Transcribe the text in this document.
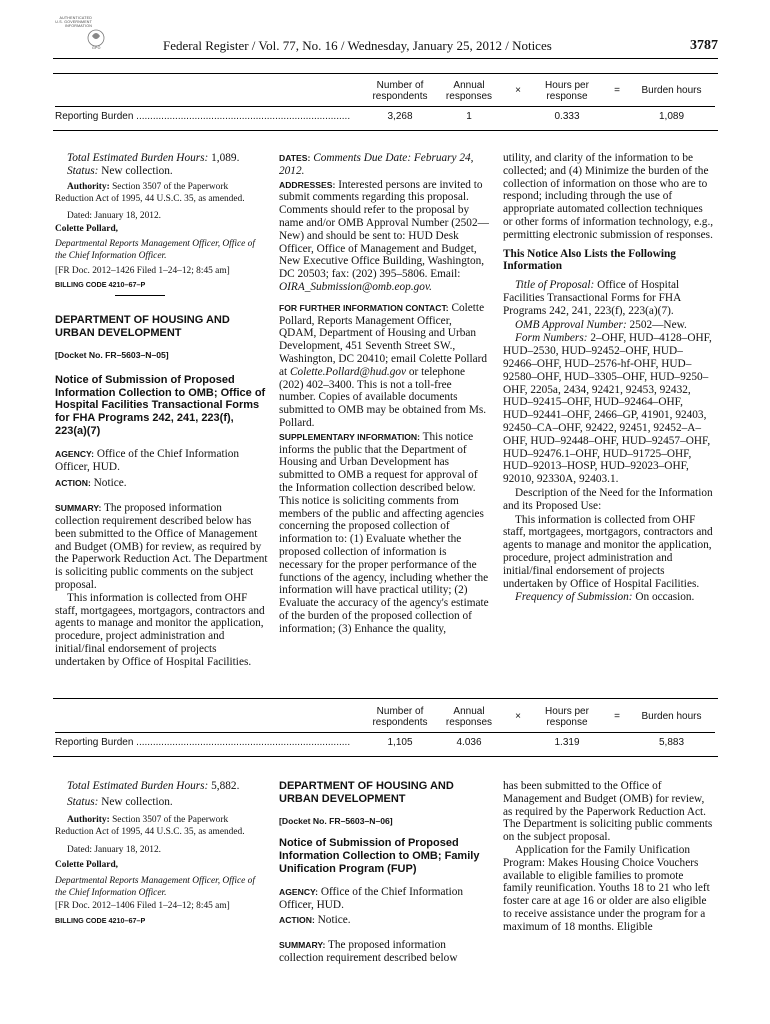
AUTHENTICATED
U.S. GOVERNMENT
INFORMATION
GPO	Federal Register / Vol. 77, No. 16 / Wednesday, January 25, 2012 / Notices	3787
	Number of respondents	Annual responses	×	Hours per response	=	Burden hours
Reporting Burden .............................................................................	3,268	1		0.333		1,089

Total Estimated Burden Hours: 1,089.

Status: New collection.

Authority: Section 3507 of the Paperwork Reduction Act of 1995, 44 U.S.C. 35, as amended.

Dated: January 18, 2012.

Colette Pollard,

Departmental Reports Management Officer, Office of the Chief Information Officer.

[FR Doc. 2012–1426 Filed 1–24–12; 8:45 am]

BILLING CODE 4210–67–P

DEPARTMENT OF HOUSING AND URBAN DEVELOPMENT

[Docket No. FR–5603–N–05]

Notice of Submission of Proposed Information Collection to OMB; Office of Hospital Facilities Transactional Forms for FHA Programs 242, 241, 223(f), 223(a)(7)

AGENCY: Office of the Chief Information Officer, HUD.

ACTION: Notice.

SUMMARY: The proposed information collection requirement described below has been submitted to the Office of Management and Budget (OMB) for review, as required by the Paperwork Reduction Act. The Department is soliciting public comments on the subject proposal.

This information is collected from OHF staff, mortgagees, mortgagors, contractors and agents to manage and monitor the application, procedure, project administration and initial/final endorsement of projects undertaken by Office of Hospital Facilities.

DATES: Comments Due Date: February 24, 2012.

ADDRESSES: Interested persons are invited to submit comments regarding this proposal. Comments should refer to the proposal by name and/or OMB Approval Number (2502—New) and should be sent to: HUD Desk Officer, Office of Management and Budget, New Executive Office Building, Washington, DC 20503; fax: (202) 395–5806. Email: OIRA_Submission@omb.eop.gov.

FOR FURTHER INFORMATION CONTACT: Colette Pollard, Reports Management Officer, QDAM, Department of Housing and Urban Development, 451 Seventh Street SW., Washington, DC 20410; email Colette Pollard at Colette.Pollard@hud.gov or telephone (202) 402–3400. This is not a toll-free number. Copies of available documents submitted to OMB may be obtained from Ms. Pollard.

SUPPLEMENTARY INFORMATION: This notice informs the public that the Department of Housing and Urban Development has submitted to OMB a request for approval of the Information collection described below. This notice is soliciting comments from members of the public and affecting agencies concerning the proposed collection of information to: (1) Evaluate whether the proposed collection of information is necessary for the proper performance of the functions of the agency, including whether the information will have practical utility; (2) Evaluate the accuracy of the agency's estimate of the burden of the proposed collection of information; (3) Enhance the quality,

utility, and clarity of the information to be collected; and (4) Minimize the burden of the collection of information on those who are to respond; including through the use of appropriate automated collection techniques or other forms of information technology, e.g., permitting electronic submission of responses.

This Notice Also Lists the Following Information

Title of Proposal: Office of Hospital Facilities Transactional Forms for FHA Programs 242, 241, 223(f), 223(a)(7).

OMB Approval Number: 2502—New.

Form Numbers: 2–OHF, HUD–4128–OHF, HUD–2530, HUD–92452–OHF, HUD–92466–OHF, HUD–2576-hf-OHF, HUD–92580–OHF, HUD–3305–OHF, HUD–9250–OHF, 2205a, 2434, 92421, 92453, 92432, HUD–92415–OHF, HUD–92464–OHF, HUD–92441–OHF, 2466–GP, 41901, 92403, 92450–CA–OHF, 92422, 92451, 92452–A–OHF, HUD–92448–OHF, HUD–92457–OHF, HUD–92476.1–OHF, HUD–91725–OHF, HUD–92013–HOSP, HUD–92023–OHF, 92010, 92330A, 92403.1.

Description of the Need for the Information and its Proposed Use:

This information is collected from OHF staff, mortgagees, mortgagors, contractors and agents to manage and monitor the application, procedure, project administration and initial/final endorsement of projects undertaken by Office of Hospital Facilities.

Frequency of Submission: On occasion.

	Number of respondents	Annual responses	×	Hours per response	=	Burden hours
Reporting Burden .............................................................................	1,105	4.036		1.319		5,883

Total Estimated Burden Hours: 5,882.

Status: New collection.

Authority: Section 3507 of the Paperwork Reduction Act of 1995, 44 U.S.C. 35, as amended.

Dated: January 18, 2012.

Colette Pollard,

Departmental Reports Management Officer, Office of the Chief Information Officer.

[FR Doc. 2012–1406 Filed 1–24–12; 8:45 am]

BILLING CODE 4210–67–P

DEPARTMENT OF HOUSING AND URBAN DEVELOPMENT

[Docket No. FR–5603–N–06]

Notice of Submission of Proposed Information Collection to OMB; Family Unification Program (FUP)

AGENCY: Office of the Chief Information Officer, HUD.

ACTION: Notice.

SUMMARY: The proposed information collection requirement described below

has been submitted to the Office of Management and Budget (OMB) for review, as required by the Paperwork Reduction Act. The Department is soliciting public comments on the subject proposal.

Application for the Family Unification Program: Makes Housing Choice Vouchers available to eligible families to promote family reunification. Youths 18 to 21 who left foster care at age 16 or older are also eligible to receive assistance under the program for a maximum of 18 months. Eligible
